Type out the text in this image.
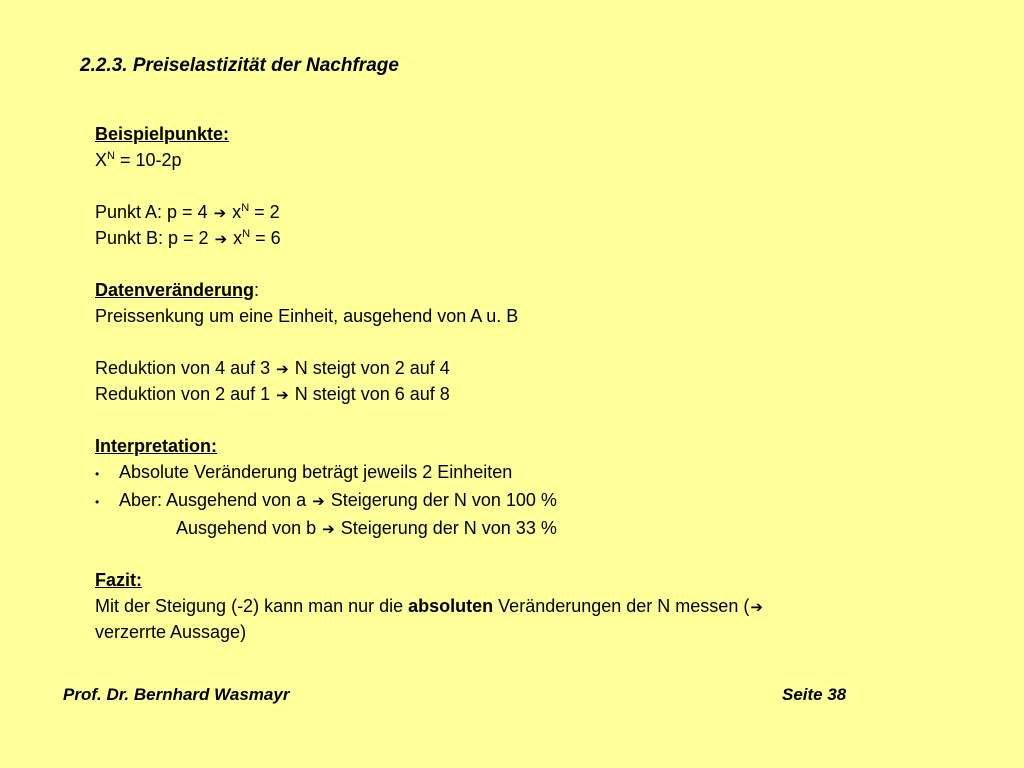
2.2.3. Preiselastizität der Nachfrage
Beispielpunkte:
$X^N = 10-2p$
Punkt A: p = 4 ➔ $x^N = 2$
Punkt B: p = 2 ➔ $x^N = 6$
Datenveränderung:
Preissenkung um eine Einheit, ausgehend von A u. B
Reduktion von 4 auf 3 ➔ N steigt von 2 auf 4
Reduktion von 2 auf 1 ➔ N steigt von 6 auf 8
Interpretation:
•	Absolute Veränderung beträgt jeweils 2 Einheiten
•	Aber: Ausgehend von a ➔ Steigerung der N von 100 %
Ausgehend von b ➔ Steigerung der N von 33 %
Fazit:
Mit der Steigung (-2) kann man nur die absoluten Veränderungen der N messen (➔
verzerrte Aussage)
Prof. Dr. Bernhard Wasmayr	Seite 38
